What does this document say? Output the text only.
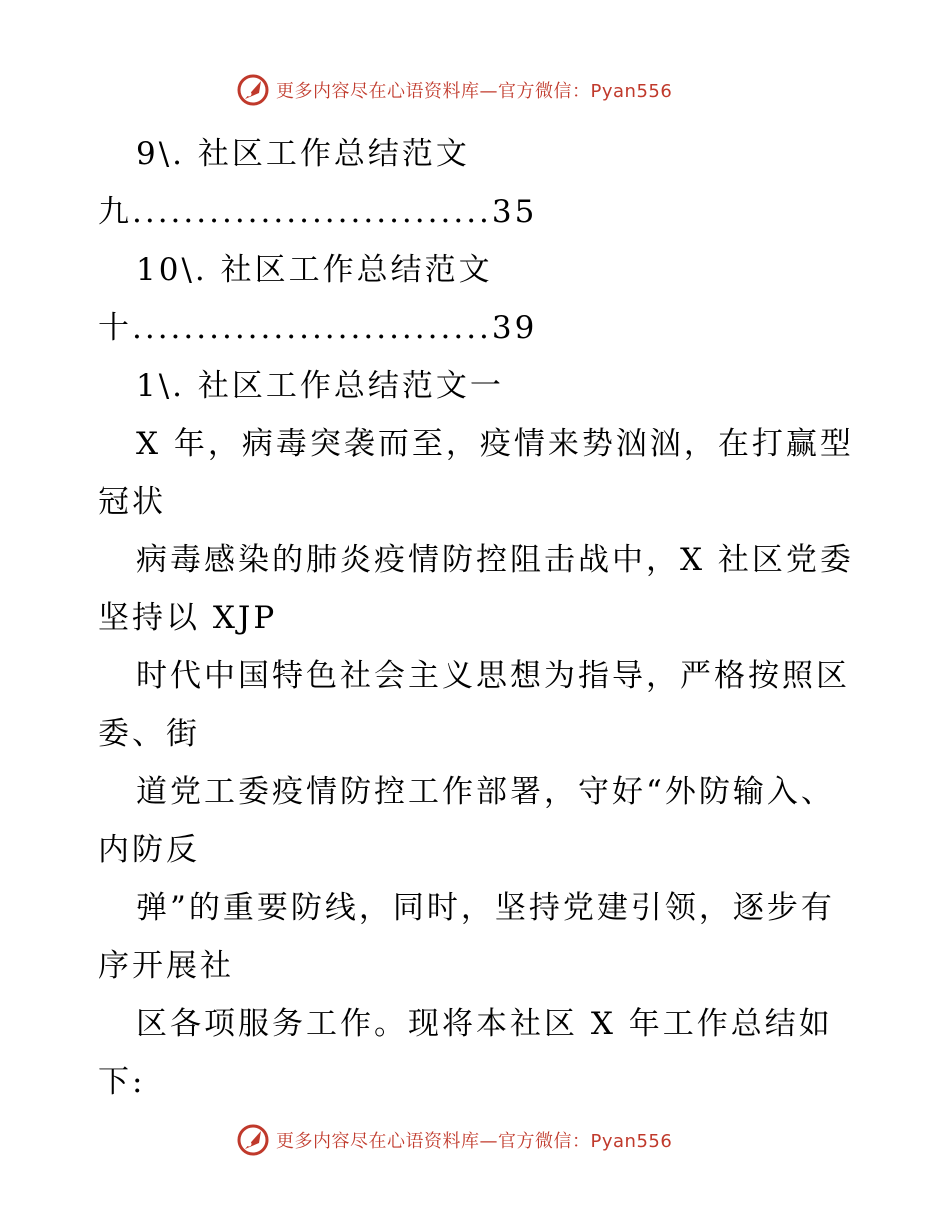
更多内容尽在心语资料库—官方微信：Pyan556
9\. 社区工作总结范文
九............................35
10\. 社区工作总结范文
十............................39
1\. 社区工作总结范文一
X 年，病毒突袭而至，疫情来势汹汹，在打赢型
冠状
病毒感染的肺炎疫情防控阻击战中，X 社区党委
坚持以 XJP
时代中国特色社会主义思想为指导，严格按照区
委、街
道党工委疫情防控工作部署，守好“外防输入、
内防反
弹”的重要防线，同时，坚持党建引领，逐步有
序开展社
区各项服务工作。现将本社区 X 年工作总结如
下:
更多内容尽在心语资料库—官方微信：Pyan556
